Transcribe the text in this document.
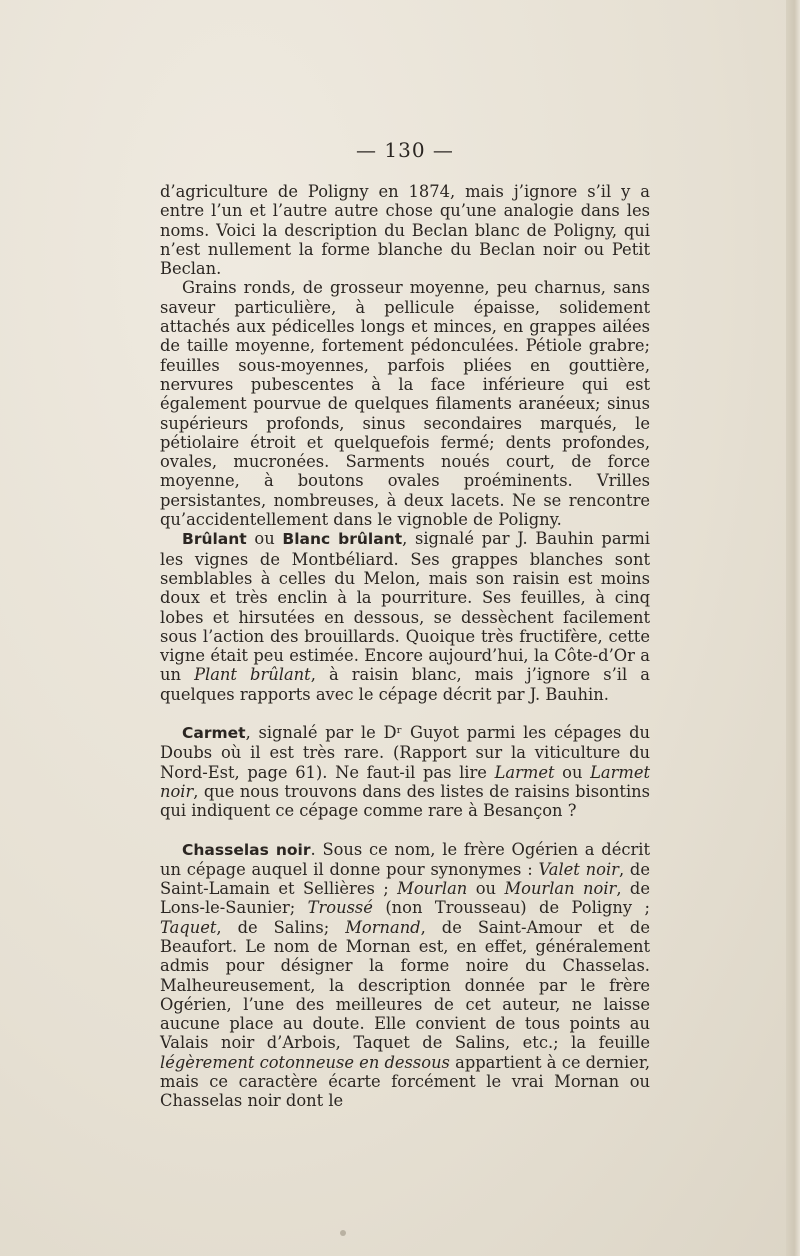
— 130 —

d’agriculture de Poligny en 1874, mais j’ignore s’il y a entre l’un et l’autre autre chose qu’une analogie dans les noms. Voici la description du Beclan blanc de Poligny, qui n’est nullement la forme blanche du Beclan noir ou Petit Beclan.

Grains ronds, de grosseur moyenne, peu charnus, sans saveur particulière, à pellicule épaisse, solidement attachés aux pédicelles longs et minces, en grappes ailées de taille moyenne, fortement pédonculées. Pétiole grabre; feuilles sous-moyennes, parfois pliées en gouttière, nervures pubescentes à la face inférieure qui est également pourvue de quelques filaments aranéeux; sinus supérieurs profonds, sinus secondaires marqués, le pétiolaire étroit et quelquefois fermé; dents profondes, ovales, mucronées. Sarments noués court, de force moyenne, à boutons ovales proéminents. Vrilles persistantes, nombreuses, à deux lacets. Ne se rencontre qu’accidentellement dans le vignoble de Poligny.

Brûlant ou Blanc brûlant, signalé par J. Bauhin parmi les vignes de Montbéliard. Ses grappes blanches sont semblables à celles du Melon, mais son raisin est moins doux et très enclin à la pourriture. Ses feuilles, à cinq lobes et hirsutées en dessous, se dessèchent facilement sous l’action des brouillards. Quoique très fructifère, cette vigne était peu estimée. Encore aujourd’hui, la Côte-d’Or a un Plant brûlant, à raisin blanc, mais j’ignore s’il a quelques rapports avec le cépage décrit par J. Bauhin.

Carmet, signalé par le Dʳ Guyot parmi les cépages du Doubs où il est très rare. (Rapport sur la viticulture du Nord-Est, page 61). Ne faut-il pas lire Larmet ou Larmet noir, que nous trouvons dans des listes de raisins bisontins qui indiquent ce cépage comme rare à Besançon ?

Chasselas noir. Sous ce nom, le frère Ogérien a décrit un cépage auquel il donne pour synonymes : Valet noir, de Saint-Lamain et Sellières ; Mourlan ou Mourlan noir, de Lons-le-Saunier; Troussé (non Trousseau) de Poligny ; Taquet, de Salins; Mornand, de Saint-Amour et de Beaufort. Le nom de Mornan est, en effet, généralement admis pour désigner la forme noire du Chasselas. Malheureusement, la description donnée par le frère Ogérien, l’une des meilleures de cet auteur, ne laisse aucune place au doute. Elle convient de tous points au Valais noir d’Arbois, Taquet de Salins, etc.; la feuille légèrement cotonneuse en dessous appartient à ce dernier, mais ce caractère écarte forcément le vrai Mornan ou Chasselas noir dont le
